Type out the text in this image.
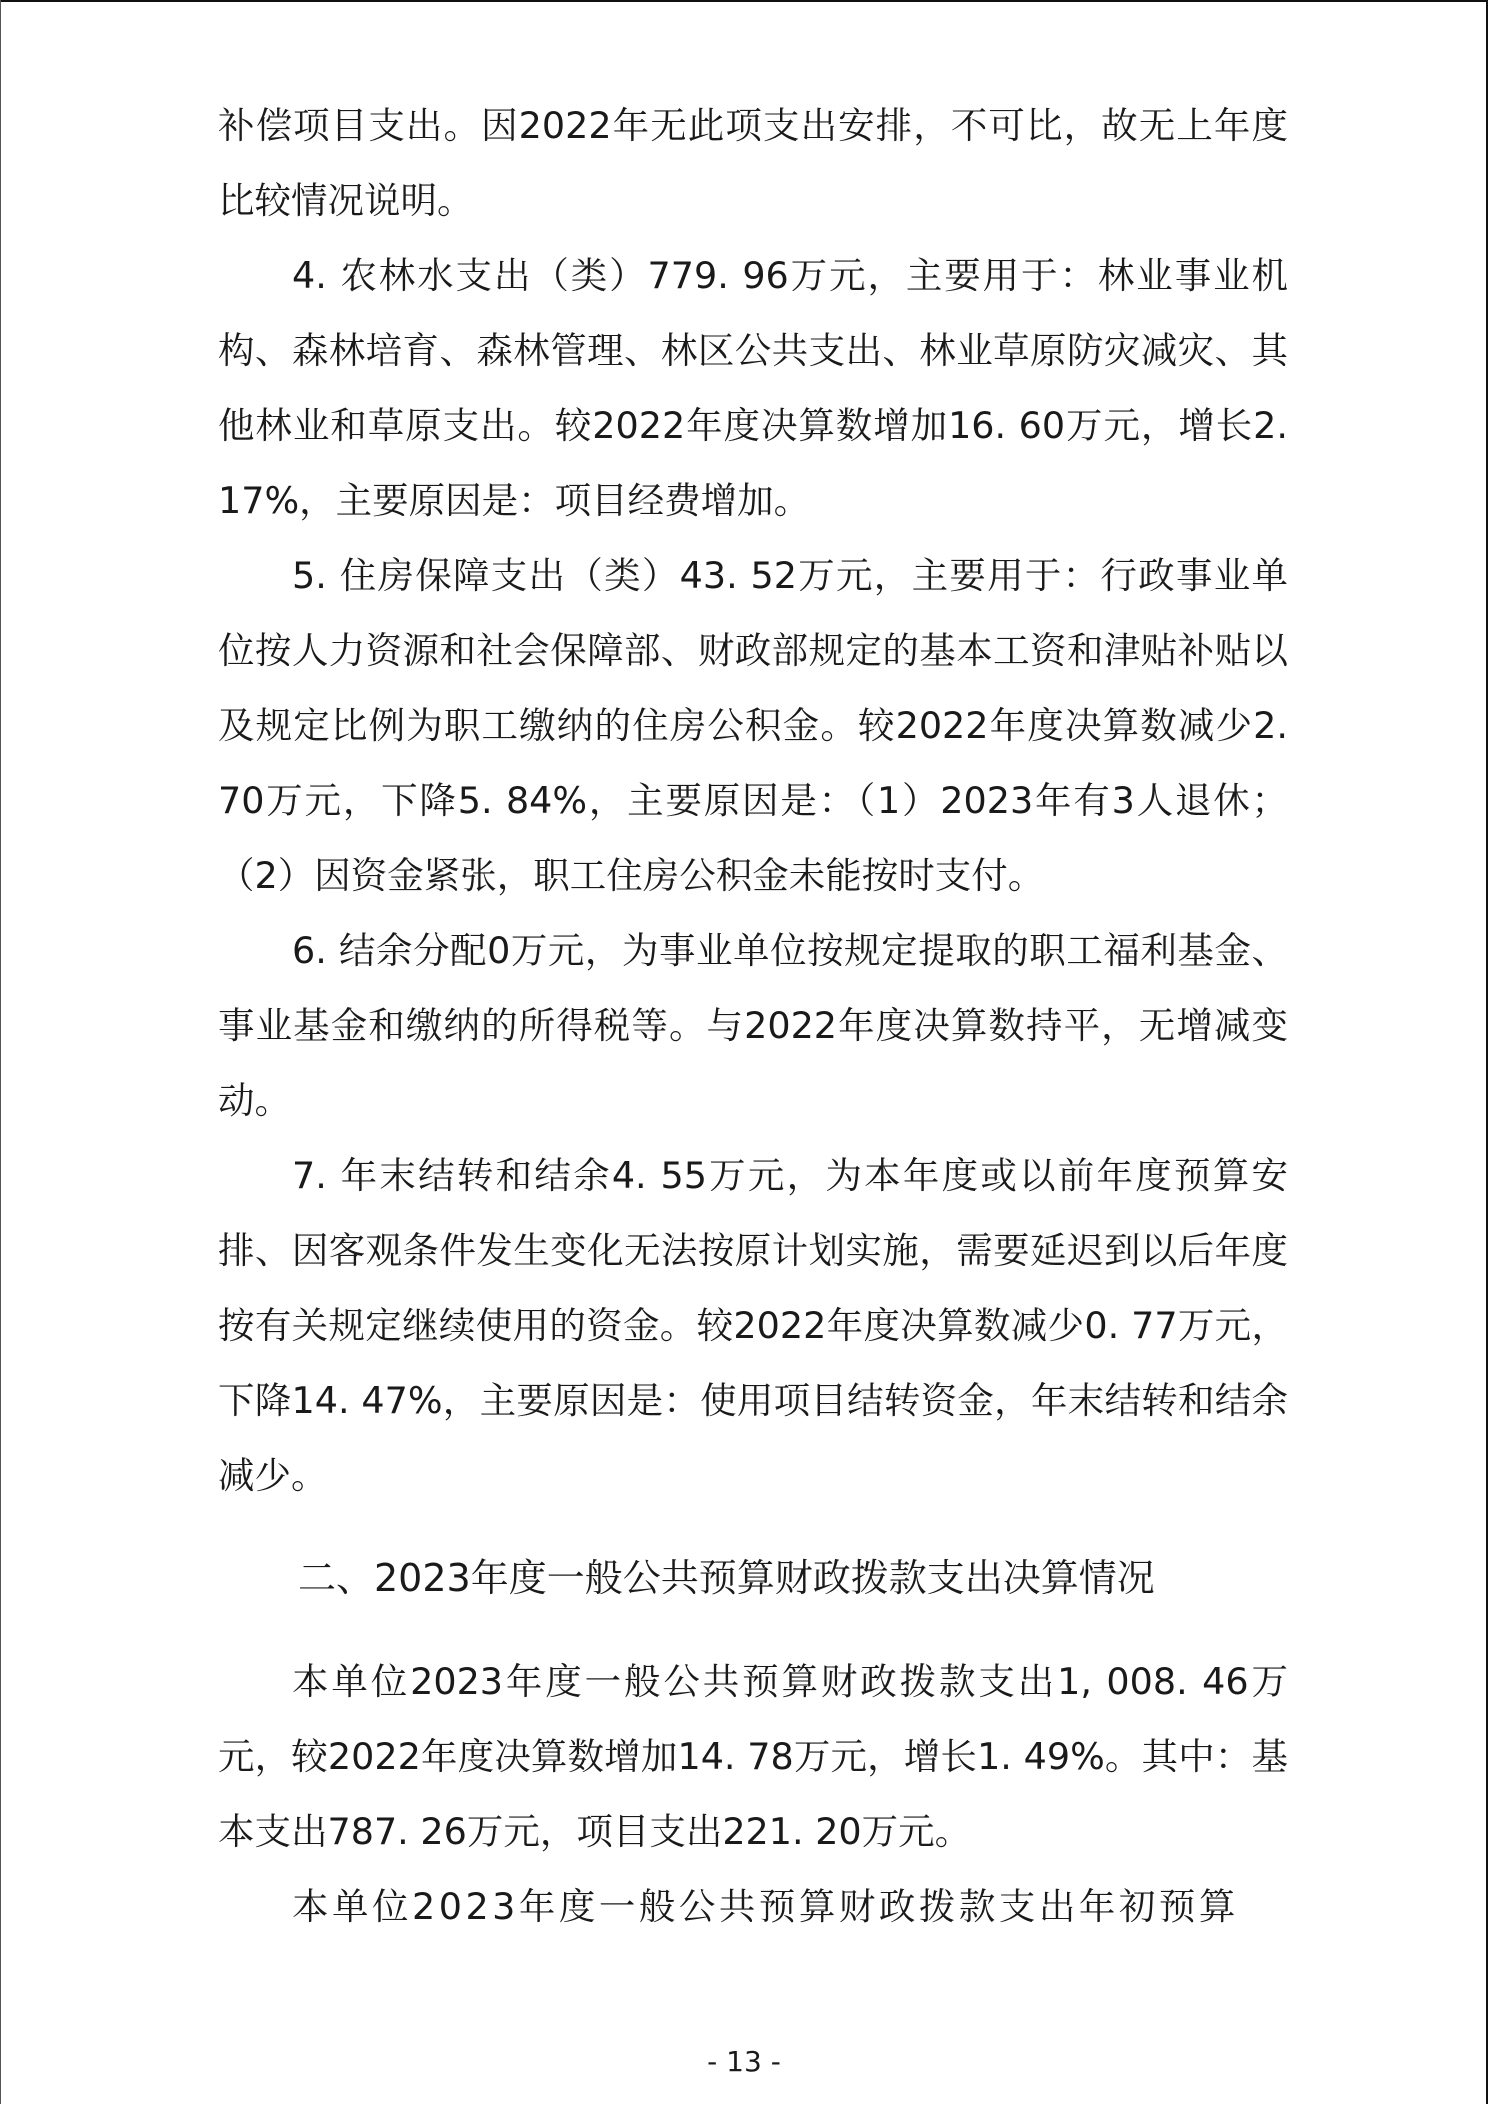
补偿项目支出。因2022年无此项支出安排，不可比，故无上年度比较情况说明。

4. 农林水支出（类）779. 96万元，主要用于：林业事业机构、森林培育、森林管理、林区公共支出、林业草原防灾减灾、其他林业和草原支出。较2022年度决算数增加16. 60万元，增长2. 17%，主要原因是：项目经费增加。

5. 住房保障支出（类）43. 52万元，主要用于：行政事业单位按人力资源和社会保障部、财政部规定的基本工资和津贴补贴以及规定比例为职工缴纳的住房公积金。较2022年度决算数减少2. 70万元，下降5. 84%，主要原因是：（1）2023年有3人退休；（2）因资金紧张，职工住房公积金未能按时支付。

6. 结余分配0万元，为事业单位按规定提取的职工福利基金、事业基金和缴纳的所得税等。与2022年度决算数持平，无增减变动。

7. 年末结转和结余4. 55万元，为本年度或以前年度预算安排、因客观条件发生变化无法按原计划实施，需要延迟到以后年度按有关规定继续使用的资金。较2022年度决算数减少0. 77万元，下降14. 47%，主要原因是：使用项目结转资金，年末结转和结余减少。

二、2023年度一般公共预算财政拨款支出决算情况

本单位2023年度一般公共预算财政拨款支出1, 008. 46万元，较2022年度决算数增加14. 78万元，增长1. 49%。其中：基本支出787. 26万元，项目支出221. 20万元。

本单位2023年度一般公共预算财政拨款支出年初预算

- 13 -
